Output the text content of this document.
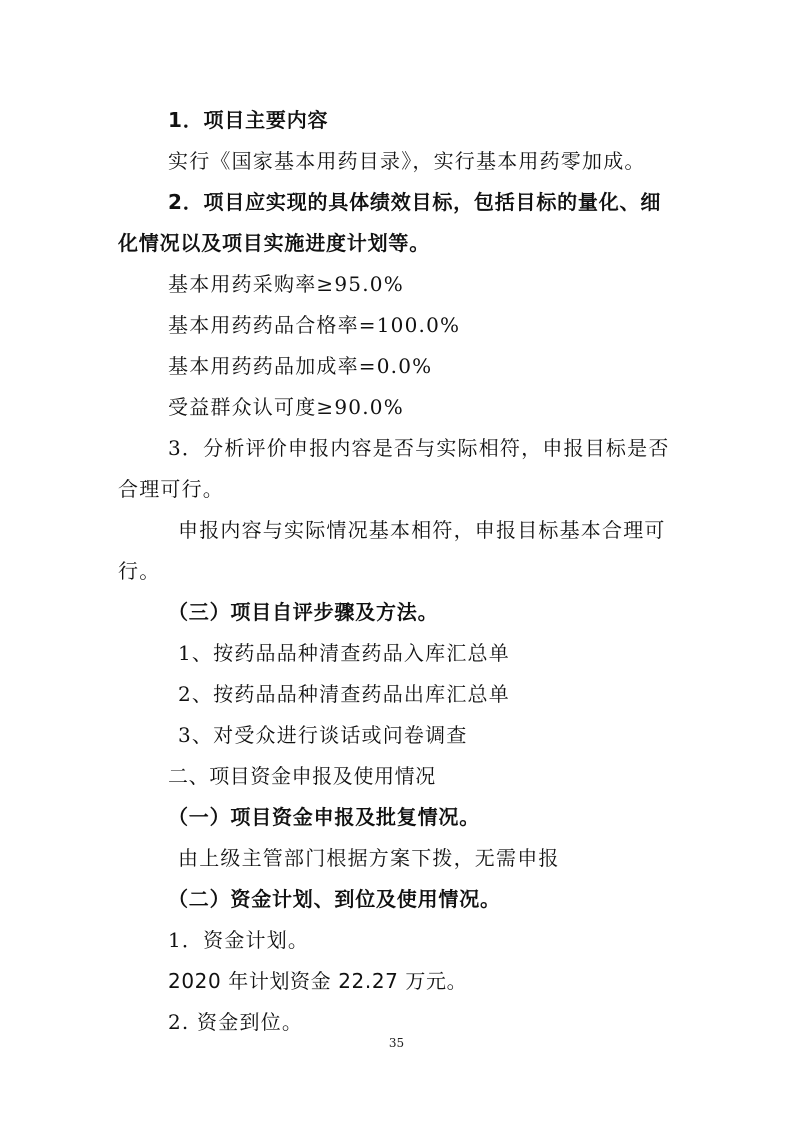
1．项目主要内容
实行《国家基本用药目录》，实行基本用药零加成。
2．项目应实现的具体绩效目标，包括目标的量化、细
化情况以及项目实施进度计划等。
基本用药采购率≥95.0%
基本用药药品合格率=100.0%
基本用药药品加成率=0.0%
受益群众认可度≥90.0%
3．分析评价申报内容是否与实际相符，申报目标是否
合理可行。
申报内容与实际情况基本相符，申报目标基本合理可
行。
（三）项目自评步骤及方法。
1、按药品品种清查药品入库汇总单
2、按药品品种清查药品出库汇总单
3、对受众进行谈话或问卷调查
二、项目资金申报及使用情况
（一）项目资金申报及批复情况。
由上级主管部门根据方案下拨，无需申报
（二）资金计划、到位及使用情况。
1．资金计划。
2020 年计划资金 22.27 万元。
2. 资金到位。
35
